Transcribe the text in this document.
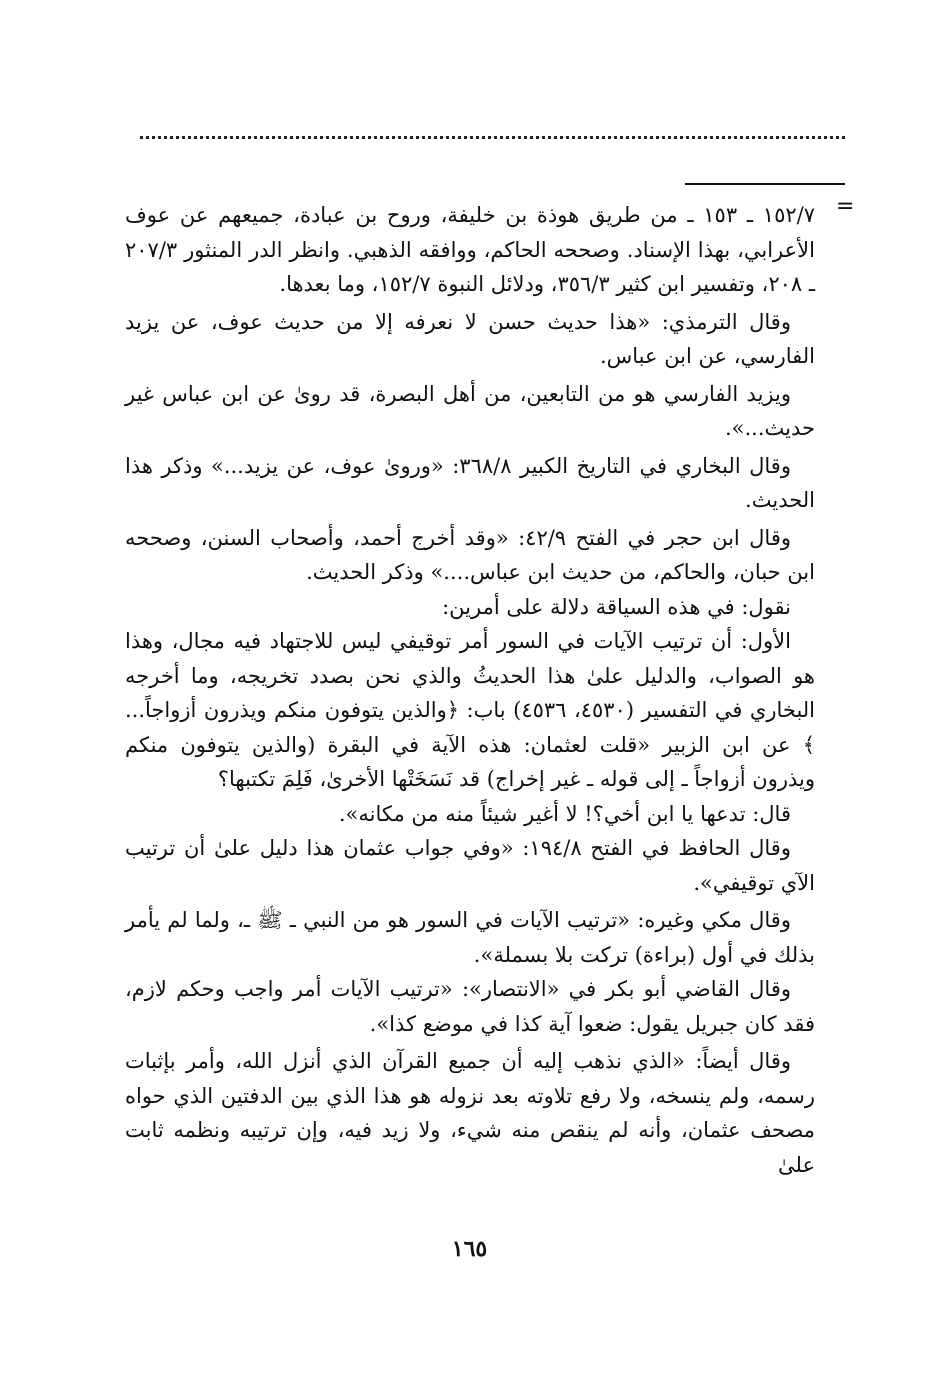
=

١٥٢/٧ ـ ١٥٣ ـ من طريق هوذة بن خليفة، وروح بن عبادة، جميعهم عن عوف الأعرابي، بهذا الإسناد. وصححه الحاكم، ووافقه الذهبي. وانظر الدر المنثور ٢٠٧/٣ ـ ٢٠٨، وتفسير ابن كثير ٣٥٦/٣، ودلائل النبوة ١٥٢/٧، وما بعدها.

وقال الترمذي: «هذا حديث حسن لا نعرفه إلا من حديث عوف، عن يزيد الفارسي، عن ابن عباس.

ويزيد الفارسي هو من التابعين، من أهل البصرة، قد روىٰ عن ابن عباس غير حديث...».

وقال البخاري في التاريخ الكبير ٣٦٨/٨: «وروىٰ عوف، عن يزيد...» وذكر هذا الحديث.

وقال ابن حجر في الفتح ٤٢/٩: «وقد أخرج أحمد، وأصحاب السنن، وصححه ابن حبان، والحاكم، من حديث ابن عباس....» وذكر الحديث.

نقول: في هذه السياقة دلالة على أمرين:

الأول: أن ترتيب الآيات في السور أمر توقيفي ليس للاجتهاد فيه مجال، وهذا هو الصواب، والدليل علىٰ هذا الحديثُ والذي نحن بصدد تخريجه، وما أخرجه البخاري في التفسير (٤٥٣٠، ٤٥٣٦) باب: ﴿والذين يتوفون منكم ويذرون أزواجاً... ﴾ عن ابن الزبير «قلت لعثمان: هذه الآية في البقرة (والذين يتوفون منكم ويذرون أزواجاً ـ إلى قوله ـ غير إخراج) قد نَسَخَتْها الأخرىٰ، فَلِمَ تكتبها؟

قال: تدعها يا ابن أخي؟! لا أغير شيئاً منه من مكانه».

وقال الحافظ في الفتح ١٩٤/٨: «وفي جواب عثمان هذا دليل علىٰ أن ترتيب الآي توقيفي».

وقال مكي وغيره: «ترتيب الآيات في السور هو من النبي ـ ﷺ ـ، ولما لم يأمر بذلك في أول (براءة) تركت بلا بسملة».

وقال القاضي أبو بكر في «الانتصار»: «ترتيب الآيات أمر واجب وحكم لازم، فقد كان جبريل يقول: ضعوا آية كذا في موضع كذا».

وقال أيضاً: «الذي نذهب إليه أن جميع القرآن الذي أنزل الله، وأمر بإثبات رسمه، ولم ينسخه، ولا رفع تلاوته بعد نزوله هو هذا الذي بين الدفتين الذي حواه مصحف عثمان، وأنه لم ينقص منه شيء، ولا زيد فيه، وإن ترتيبه ونظمه ثابت علىٰ

١٦٥
